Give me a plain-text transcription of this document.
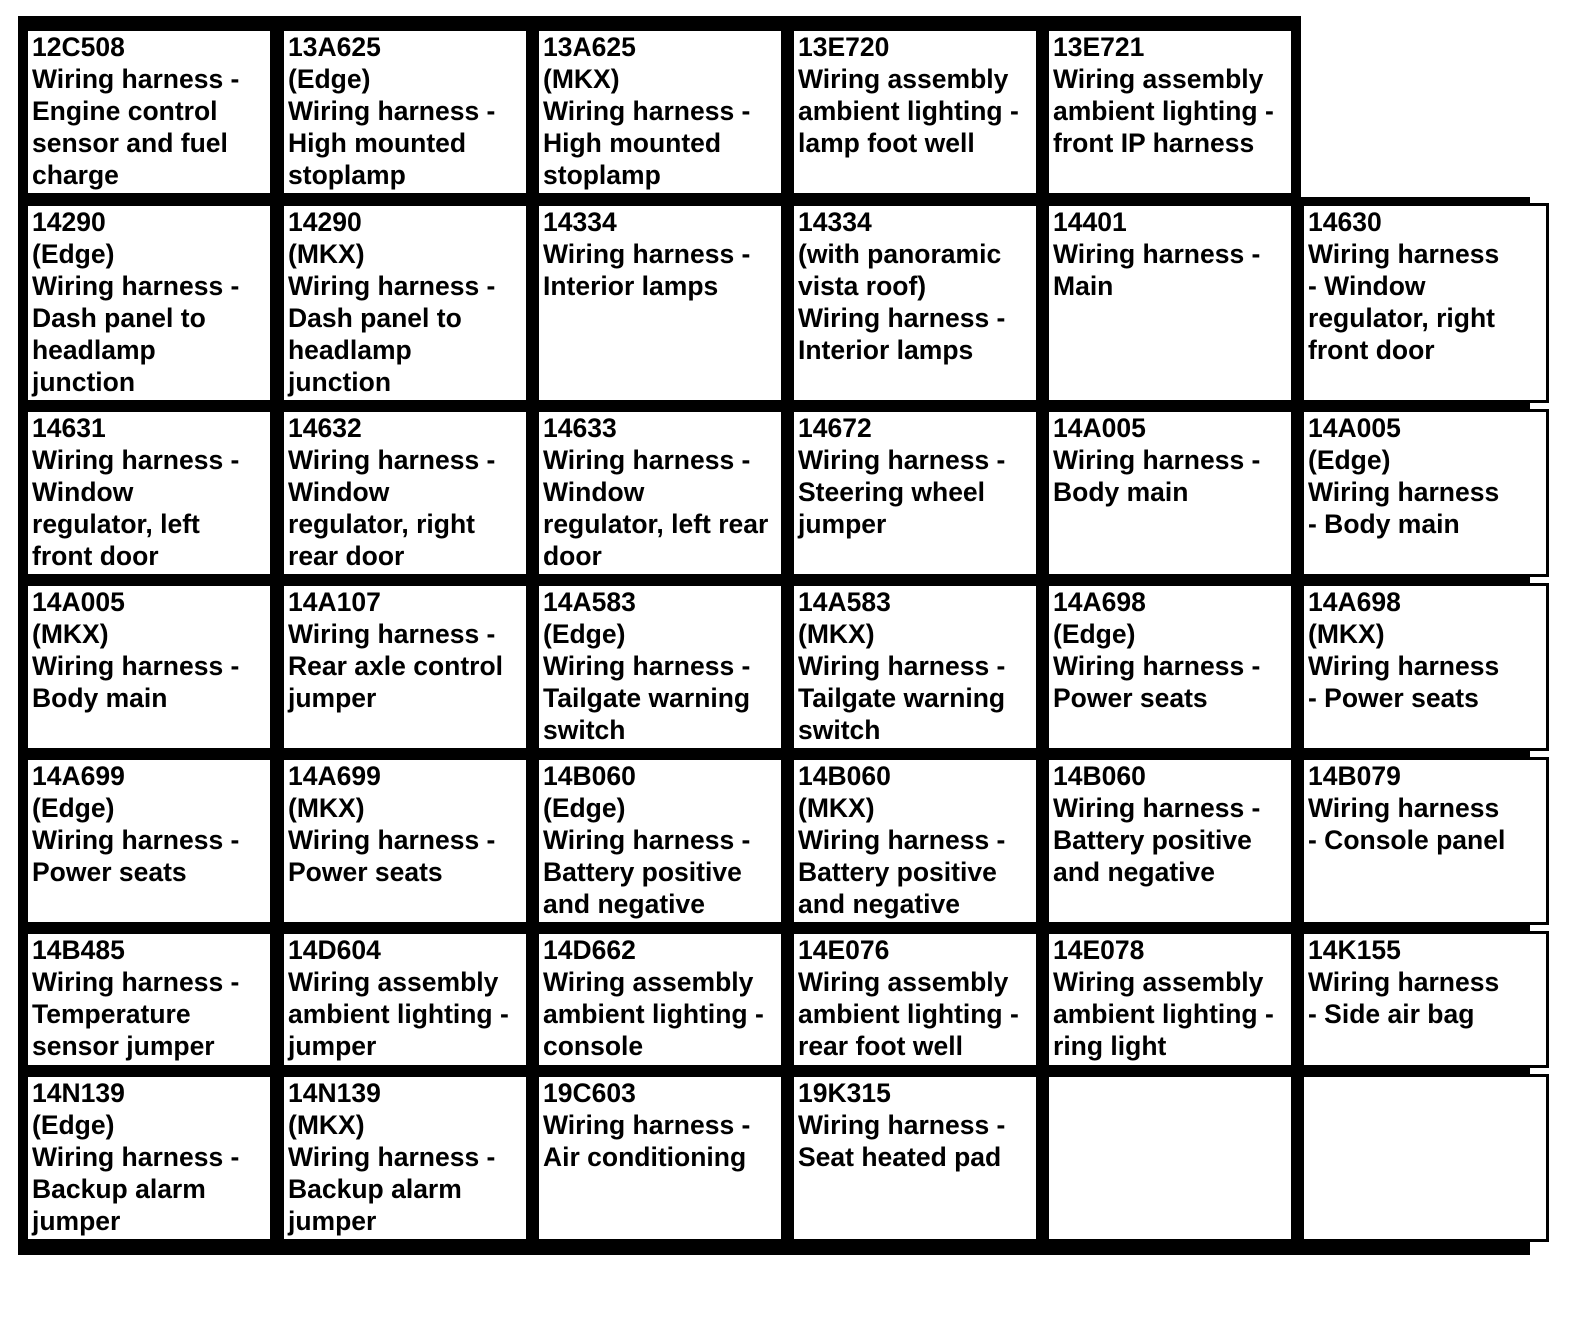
12C508
Wiring harness -
Engine control
sensor and fuel
charge
13A625
(Edge)
Wiring harness -
High mounted
stoplamp
13A625
(MKX)
Wiring harness -
High mounted
stoplamp
13E720
Wiring assembly
ambient lighting -
lamp foot well
13E721
Wiring assembly
ambient lighting -
front IP harness
14290
(Edge)
Wiring harness -
Dash panel to
headlamp
junction
14290
(MKX)
Wiring harness -
Dash panel to
headlamp
junction
14334
Wiring harness -
Interior lamps
14334
(with panoramic
vista roof)
Wiring harness -
Interior lamps
14401
Wiring harness -
Main
14630
Wiring harness
- Window
regulator, right
front door
14631
Wiring harness -
Window
regulator, left
front door
14632
Wiring harness -
Window
regulator, right
rear door
14633
Wiring harness -
Window
regulator, left rear
door
14672
Wiring harness -
Steering wheel
jumper
14A005
Wiring harness -
Body main
14A005
(Edge)
Wiring harness
- Body main
14A005
(MKX)
Wiring harness -
Body main
14A107
Wiring harness -
Rear axle control
jumper
14A583
(Edge)
Wiring harness -
Tailgate warning
switch
14A583
(MKX)
Wiring harness -
Tailgate warning
switch
14A698
(Edge)
Wiring harness -
Power seats
14A698
(MKX)
Wiring harness
- Power seats
14A699
(Edge)
Wiring harness -
Power seats
14A699
(MKX)
Wiring harness -
Power seats
14B060
(Edge)
Wiring harness -
Battery positive
and negative
14B060
(MKX)
Wiring harness -
Battery positive
and negative
14B060
Wiring harness -
Battery positive
and negative
14B079
Wiring harness
- Console panel
14B485
Wiring harness -
Temperature
sensor jumper
14D604
Wiring assembly
ambient lighting -
jumper
14D662
Wiring assembly
ambient lighting -
console
14E076
Wiring assembly
ambient lighting -
rear foot well
14E078
Wiring assembly
ambient lighting -
ring light
14K155
Wiring harness
- Side air bag
14N139
(Edge)
Wiring harness -
Backup alarm
jumper
14N139
(MKX)
Wiring harness -
Backup alarm
jumper
19C603
Wiring harness -
Air conditioning
19K315
Wiring harness -
Seat heated pad
